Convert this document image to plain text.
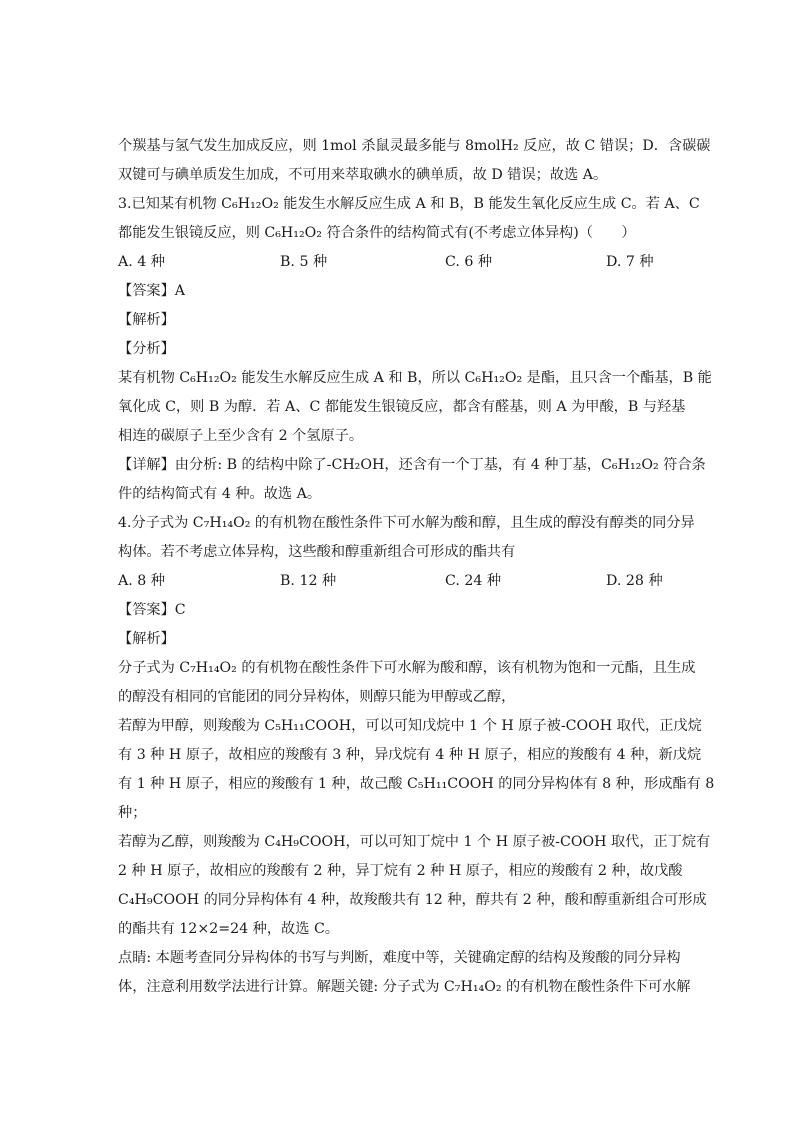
个羰基与氢气发生加成反应，则 1mol 杀鼠灵最多能与 8molH₂ 反应，故 C 错误；D．含碳碳
双键可与碘单质发生加成，不可用来萃取碘水的碘单质，故 D 错误；故选 A。
3.已知某有机物 C₆H₁₂O₂ 能发生水解反应生成 A 和 B，B 能发生氧化反应生成 C。若 A、C
都能发生银镜反应，则 C₆H₁₂O₂ 符合条件的结构简式有(不考虑立体异构)（　　）
A. 4 种	B. 5 种	C. 6 种	D. 7 种
【答案】A
【解析】
【分析】
某有机物 C₆H₁₂O₂ 能发生水解反应生成 A 和 B，所以 C₆H₁₂O₂ 是酯，且只含一个酯基，B 能
氧化成 C，则 B 为醇．若 A、C 都能发生银镜反应，都含有醛基，则 A 为甲酸，B 与羟基
相连的碳原子上至少含有 2 个氢原子。
【详解】由分析: B 的结构中除了-CH₂OH，还含有一个丁基，有 4 种丁基，C₆H₁₂O₂ 符合条
件的结构简式有 4 种。故选 A。
4.分子式为 C₇H₁₄O₂ 的有机物在酸性条件下可水解为酸和醇，且生成的醇没有醇类的同分异
构体。若不考虑立体异构，这些酸和醇重新组合可形成的酯共有
A. 8 种	B. 12 种	C. 24 种	D. 28 种
【答案】C
【解析】
分子式为 C₇H₁₄O₂ 的有机物在酸性条件下可水解为酸和醇，该有机物为饱和一元酯，且生成
的醇没有相同的官能团的同分异构体，则醇只能为甲醇或乙醇，
若醇为甲醇，则羧酸为 C₅H₁₁COOH，可以可知戊烷中 1 个 H 原子被-COOH 取代，正戊烷
有 3 种 H 原子，故相应的羧酸有 3 种，异戊烷有 4 种 H 原子，相应的羧酸有 4 种，新戊烷
有 1 种 H 原子，相应的羧酸有 1 种，故己酸 C₅H₁₁COOH 的同分异构体有 8 种，形成酯有 8
种；
若醇为乙醇，则羧酸为 C₄H₉COOH，可以可知丁烷中 1 个 H 原子被-COOH 取代，正丁烷有
2 种 H 原子，故相应的羧酸有 2 种，异丁烷有 2 种 H 原子，相应的羧酸有 2 种，故戊酸
C₄H₉COOH 的同分异构体有 4 种，故羧酸共有 12 种，醇共有 2 种，酸和醇重新组合可形成
的酯共有 12×2=24 种，故选 C。
点睛: 本题考查同分异构体的书写与判断，难度中等，关键确定醇的结构及羧酸的同分异构
体，注意利用数学法进行计算。解题关键: 分子式为 C₇H₁₄O₂ 的有机物在酸性条件下可水解
